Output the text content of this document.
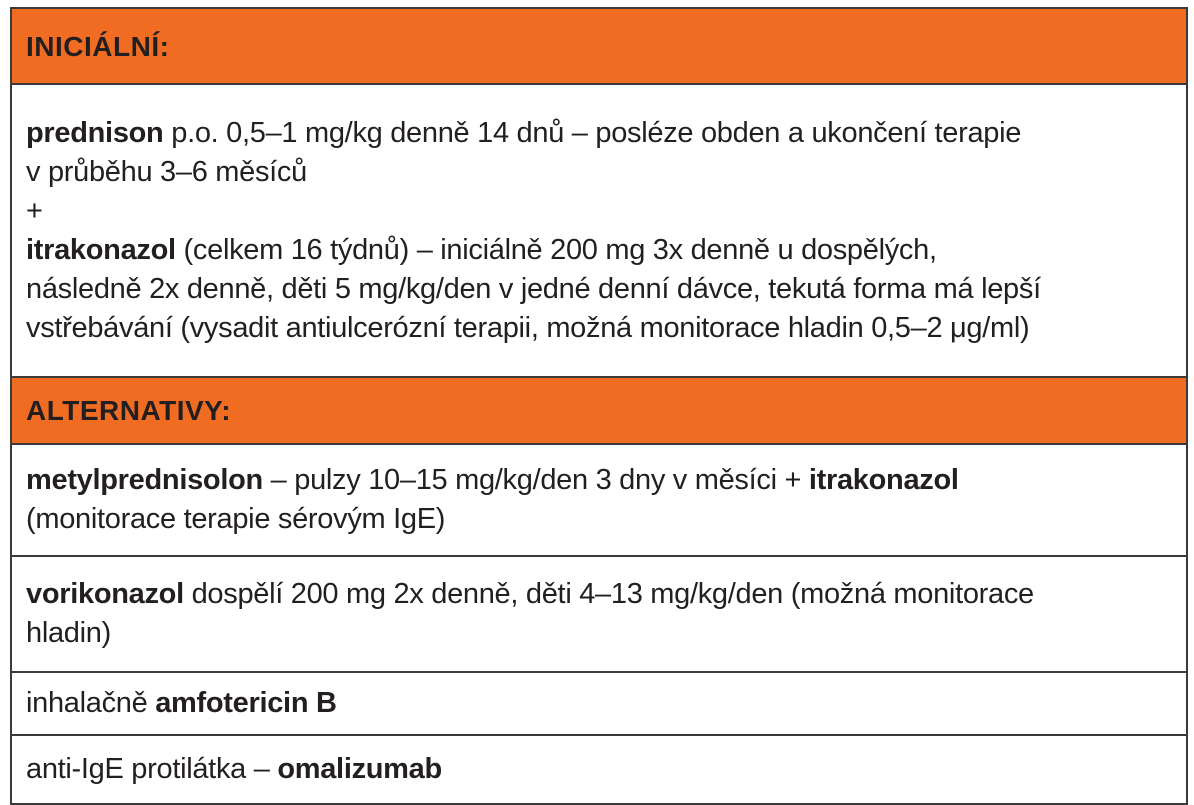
INICIÁLNÍ:
prednison p.o. 0,5–1 mg/kg denně 14 dnů – posléze obden a ukončení terapie
v průběhu 3–6 měsíců
+
itrakonazol (celkem 16 týdnů) – iniciálně 200 mg 3x denně u dospělých,
následně 2x denně, děti 5 mg/kg/den v jedné denní dávce, tekutá forma má lepší
vstřebávání (vysadit antiulcerózní terapii, možná monitorace hladin 0,5–2 μg/ml)
ALTERNATIVY:
metylprednisolon – pulzy 10–15 mg/kg/den 3 dny v měsíci + itrakonazol
(monitorace terapie sérovým IgE)
vorikonazol dospělí 200 mg 2x denně, děti 4–13 mg/kg/den (možná monitorace
hladin)
inhalačně amfotericin B
anti-IgE protilátka – omalizumab
